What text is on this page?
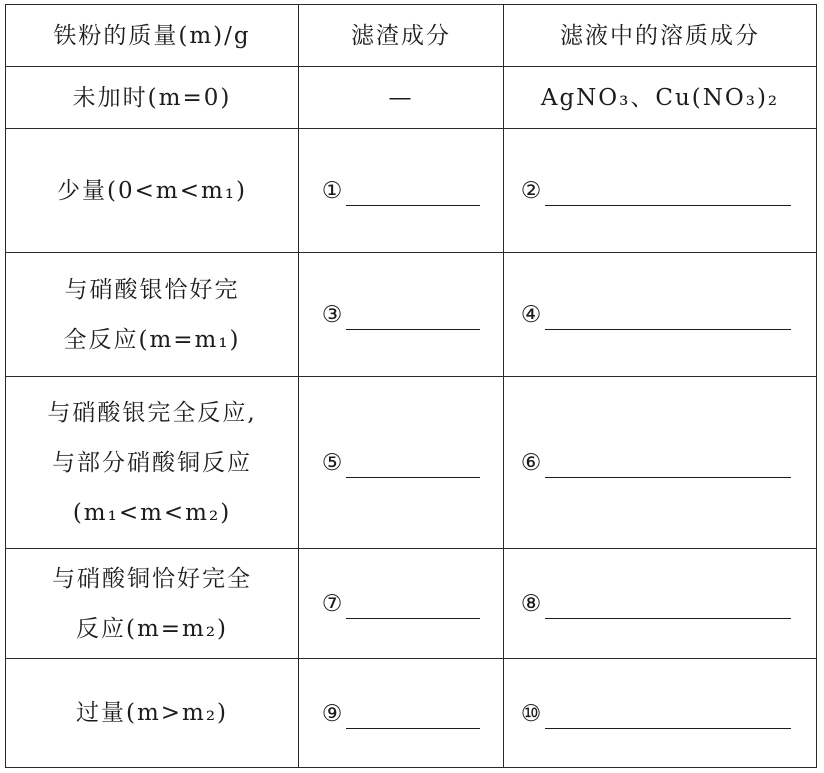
铁粉的质量(m)/g	滤渣成分	滤液中的溶质成分

未加时(m=0)	—	AgNO₃、Cu(NO₃)₂

少量(0<m<m₁)	①	②

与硝酸银恰好完
全反应(m=m₁)	③	④

与硝酸银完全反应,
与部分硝酸铜反应
(m₁<m<m₂)	⑤	⑥

与硝酸铜恰好完全
反应(m=m₂)	⑦	⑧

过量(m>m₂)	⑨	⑩
